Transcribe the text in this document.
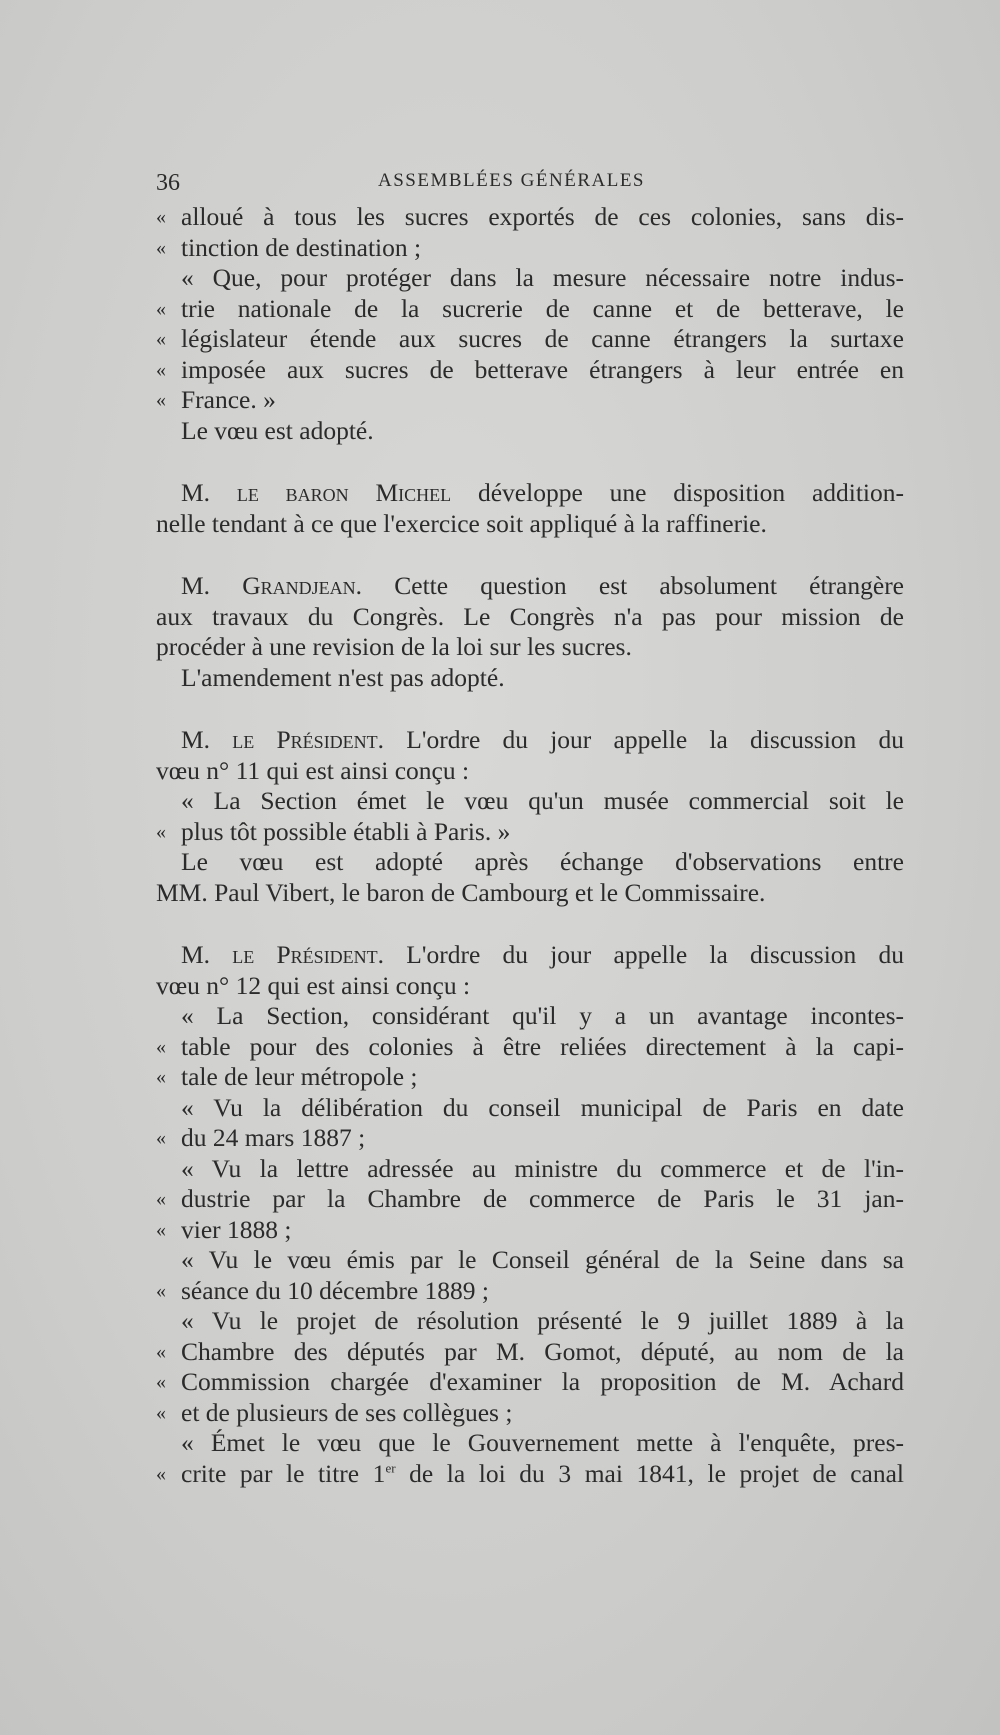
36	ASSEMBLÉES GÉNÉRALES
« alloué à tous les sucres exportés de ces colonies, sans dis-
« tinction de destination ;
« Que, pour protéger dans la mesure nécessaire notre indus-
« trie nationale de la sucrerie de canne et de betterave, le
« législateur étende aux sucres de canne étrangers la surtaxe
« imposée aux sucres de betterave étrangers à leur entrée en
« France. »
Le vœu est adopté.
M. le baron Michel développe une disposition addition-
nelle tendant à ce que l'exercice soit appliqué à la raffinerie.
M. Grandjean. Cette question est absolument étrangère
aux travaux du Congrès. Le Congrès n'a pas pour mission de
procéder à une revision de la loi sur les sucres.
L'amendement n'est pas adopté.
M. le Président. L'ordre du jour appelle la discussion du
vœu n° 11 qui est ainsi conçu :
« La Section émet le vœu qu'un musée commercial soit le
« plus tôt possible établi à Paris. »
Le vœu est adopté après échange d'observations entre
MM. Paul Vibert, le baron de Cambourg et le Commissaire.
M. le Président. L'ordre du jour appelle la discussion du
vœu n° 12 qui est ainsi conçu :
« La Section, considérant qu'il y a un avantage incontes-
« table pour des colonies à être reliées directement à la capi-
« tale de leur métropole ;
« Vu la délibération du conseil municipal de Paris en date
« du 24 mars 1887 ;
« Vu la lettre adressée au ministre du commerce et de l'in-
« dustrie par la Chambre de commerce de Paris le 31 jan-
« vier 1888 ;
« Vu le vœu émis par le Conseil général de la Seine dans sa
« séance du 10 décembre 1889 ;
« Vu le projet de résolution présenté le 9 juillet 1889 à la
« Chambre des députés par M. Gomot, député, au nom de la
« Commission chargée d'examiner la proposition de M. Achard
« et de plusieurs de ses collègues ;
« Émet le vœu que le Gouvernement mette à l'enquête, pres-
« crite par le titre 1er de la loi du 3 mai 1841, le projet de canal
